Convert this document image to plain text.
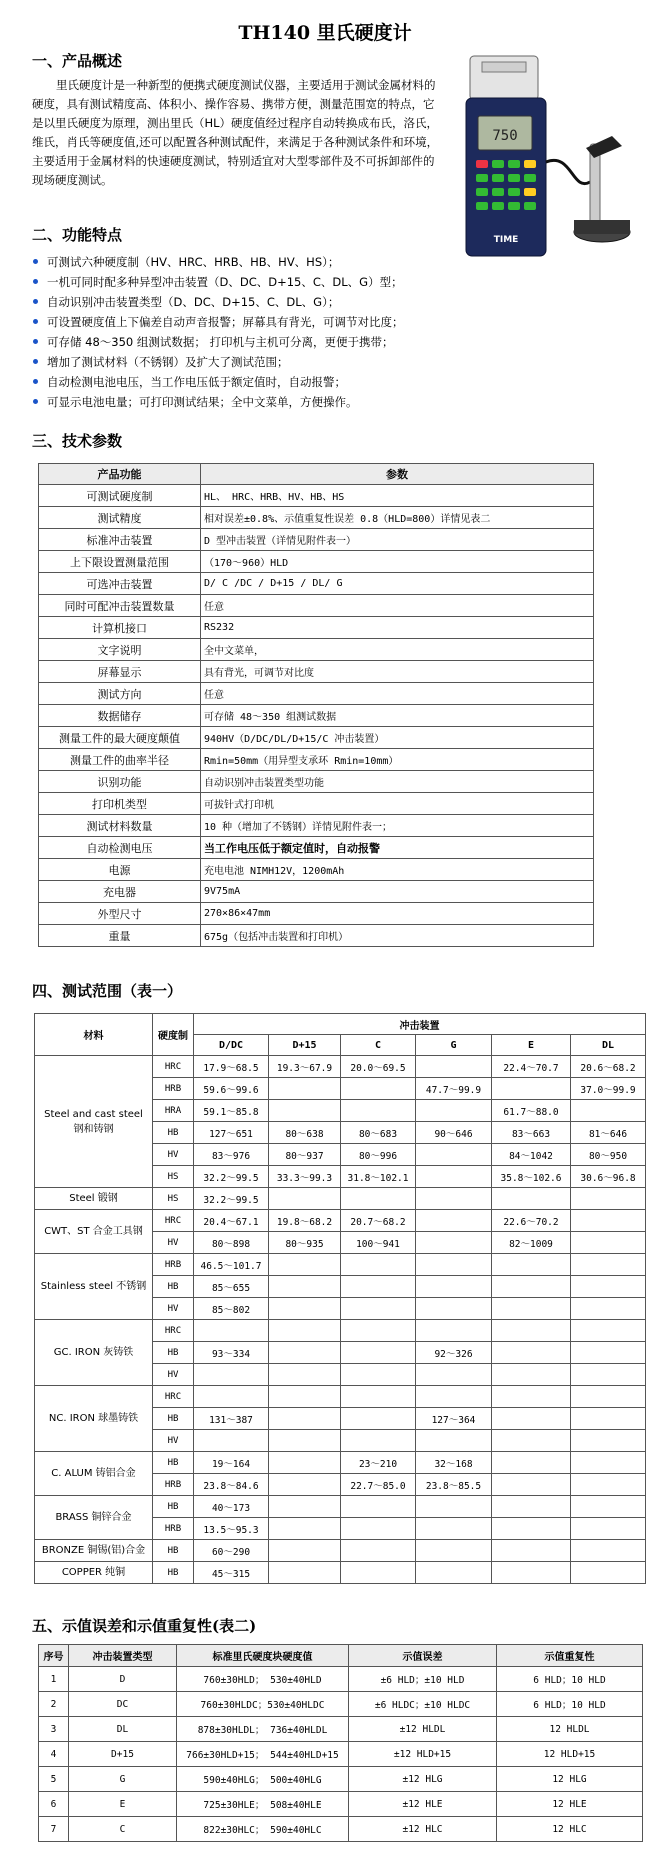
TH140 里氏硬度计
一、产品概述
里氏硬度计是一种新型的便携式硬度测试仪器，主要适用于测试金属材料的硬度，具有测试精度高、体积小、操作容易、携带方便，测量范围宽的特点，它是以里氏硬度为原理，测出里氏（HL）硬度值经过程序自动转换成布氏，洛氏，维氏，肖氏等硬度值,还可以配置各种测试配件，来满足于各种测试条件和环境，主要适用于金属材料的快速硬度测试，特别适宜对大型零部件及不可拆卸部件的现场硬度测试。
750
TIME
二、功能特点
可测试六种硬度制（HV、HRC、HRB、HB、HV、HS）；
一机可同时配多种异型冲击装置（D、DC、D+15、C、DL、G）型；
自动识别冲击装置类型（D、DC、D+15、C、DL、G）；
可设置硬度值上下偏差自动声音报警；屏幕具有背光，可调节对比度；
可存储 48～350 组测试数据； 打印机与主机可分离，更便于携带；
增加了测试材料（不锈钢）及扩大了测试范围；
自动检测电池电压，当工作电压低于额定值时，自动报警；
可显示电池电量；可打印测试结果；全中文菜单，方便操作。
三、技术参数
产品功能	参数
可测试硬度制	HL、 HRC、HRB、HV、HB、HS
测试精度	相对误差±0.8%、示值重复性误差 0.8（HLD=800）详情见表二
标准冲击装置	D 型冲击装置（详情见附件表一）
上下限设置测量范围	（170～960）HLD
可选冲击装置	D/ C /DC / D+15 / DL/ G
同时可配冲击装置数量	任意
计算机接口	RS232
文字说明	全中文菜单，
屏幕显示	具有背光，可调节对比度
测试方向	任意
数据储存	可存储 48～350 组测试数据
测量工件的最大硬度颠值	940HV（D/DC/DL/D+15/C 冲击装置）
测量工件的曲率半径	Rmin=50mm（用异型支承环 Rmin=10mm）
识别功能	自动识别冲击装置类型功能
打印机类型	可拔针式打印机
测试材料数量	10 种（增加了不锈钢）详情见附件表一；
自动检测电压	当工作电压低于额定值时，自动报警
电源	充电电池 NIMH12V，1200mAh
充电器	9V75mA
外型尺寸	270×86×47mm
重量	675g（包括冲击装置和打印机）
四、测试范围（表一）
材料	硬度制	冲击装置					
		D/DC	D+15	C	G	E	DL
Steel and cast steel 钢和铸钢	HRC	17.9～68.5	19.3～67.9	20.0～69.5		22.4～70.7	20.6～68.2
	HRB	59.6～99.6			47.7～99.9		37.0～99.9
	HRA	59.1～85.8				61.7～88.0	
	HB	127～651	80～638	80～683	90～646	83～663	81～646
	HV	83～976	80～937	80～996		84～1042	80～950
	HS	32.2～99.5	33.3～99.3	31.8～102.1		35.8～102.6	30.6～96.8
Steel 锻钢	HS	32.2～99.5					
CWT、ST 合金工具钢	HRC	20.4～67.1	19.8～68.2	20.7～68.2		22.6～70.2	
	HV	80～898	80～935	100～941		82～1009	
Stainless steel 不锈钢	HRB	46.5～101.7					
	HB	85～655					
	HV	85～802					
GC. IRON 灰铸铁	HRC						
	HB	93～334			92～326		
	HV						
NC. IRON 球墨铸铁	HRC						
	HB	131～387			127～364		
	HV						
C. ALUM 铸铝合金	HB	19～164		23～210	32～168		
	HRB	23.8～84.6		22.7～85.0	23.8～85.5		
BRASS 铜锌合金	HB	40～173					
	HRB	13.5～95.3					
BRONZE 铜锡(铝)合金	HB	60～290					
COPPER 纯铜	HB	45～315					
五、示值误差和示值重复性(表二)
序号	冲击装置类型	标准里氏硬度块硬度值	示值误差	示值重复性
1	D	760±30HLD； 530±40HLD	±6 HLD；±10 HLD	6 HLD；10 HLD
2	DC	760±30HLDC；530±40HLDC	±6 HLDC；±10 HLDC	6 HLD；10 HLD
3	DL	878±30HLDL； 736±40HLDL	±12 HLDL	12 HLDL
4	D+15	766±30HLD+15； 544±40HLD+15	±12 HLD+15	12 HLD+15
5	G	590±40HLG； 500±40HLG	±12 HLG	12 HLG
6	E	725±30HLE； 508±40HLE	±12 HLE	12 HLE
7	C	822±30HLC； 590±40HLC	±12 HLC	12 HLC
